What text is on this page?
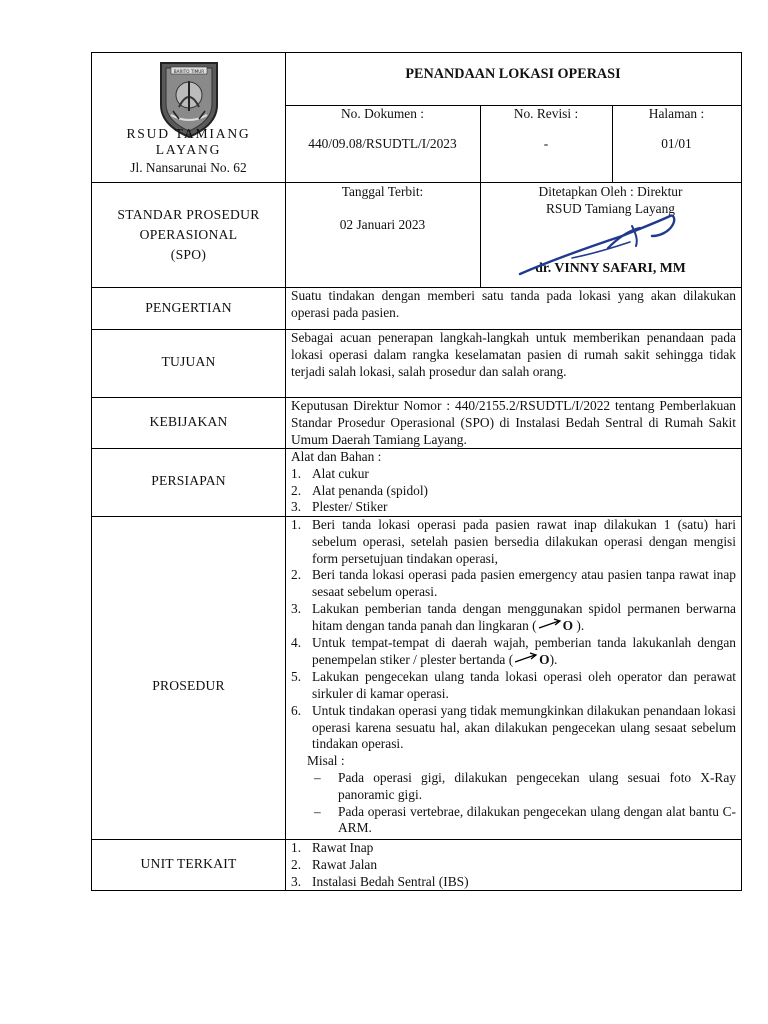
BARITO TIMUR
RSUD TAMIANG LAYANG
Jl. Nansarunai No. 62
PENANDAAN LOKASI OPERASI

No. Dokumen :

440/09.08/RSUDTL/I/2023

No. Revisi :

-

Halaman :

01/01

STANDAR PROSEDUR

OPERASIONAL

(SPO)

Tanggal Terbit:

02 Januari 2023

Ditetapkan Oleh : Direktur

RSUD Tamiang Layang

dr. VINNY SAFARI, MM

PENGERTIAN
Suatu tindakan dengan memberi satu tanda pada lokasi yang akan dilakukan operasi pada pasien.
TUJUAN
Sebagai acuan penerapan langkah-langkah untuk memberikan penandaan pada lokasi operasi dalam rangka keselamatan pasien di rumah sakit sehingga tidak terjadi salah lokasi, salah prosedur dan salah orang.
KEBIJAKAN
Keputusan Direktur Nomor : 440/2155.2/RSUDTL/I/2022 tentang Pemberlakuan Standar Prosedur Operasional (SPO) di Instalasi Bedah Sentral di Rumah Sakit Umum Daerah Tamiang Layang.
PERSIAPAN

Alat dan Bahan :

1. Alat cukur
2. Alat penanda (spidol)
3. Plester/ Stiker
PROSEDUR
1. Beri tanda lokasi operasi pada pasien rawat inap dilakukan 1 (satu) hari sebelum operasi, setelah pasien bersedia dilakukan operasi dengan mengisi form persetujuan tindakan operasi,
2. Beri tanda lokasi operasi pada pasien emergency atau pasien tanpa rawat inap sesaat sebelum operasi.
3. Lakukan pemberian tanda dengan menggunakan spidol permanen berwarna hitam dengan tanda panah dan lingkaran ( O ).
4. Untuk tempat-tempat di daerah wajah, pemberian tanda lakukanlah dengan penempelan stiker / plester bertanda ( O).
5. Lakukan pengecekan ulang tanda lokasi operasi oleh operator dan perawat sirkuler di kamar operasi.
6. Untuk tindakan operasi yang tidak memungkinkan dilakukan penandaan lokasi operasi karena sesuatu hal, akan dilakukan pengecekan ulang sesaat sebelum tindakan operasi.

Misal :

– Pada operasi gigi, dilakukan pengecekan ulang sesuai foto X-Ray panoramic gigi.
– Pada operasi vertebrae, dilakukan pengecekan ulang dengan alat bantu C-ARM.
UNIT TERKAIT
1. Rawat Inap
2. Rawat Jalan
3. Instalasi Bedah Sentral (IBS)
